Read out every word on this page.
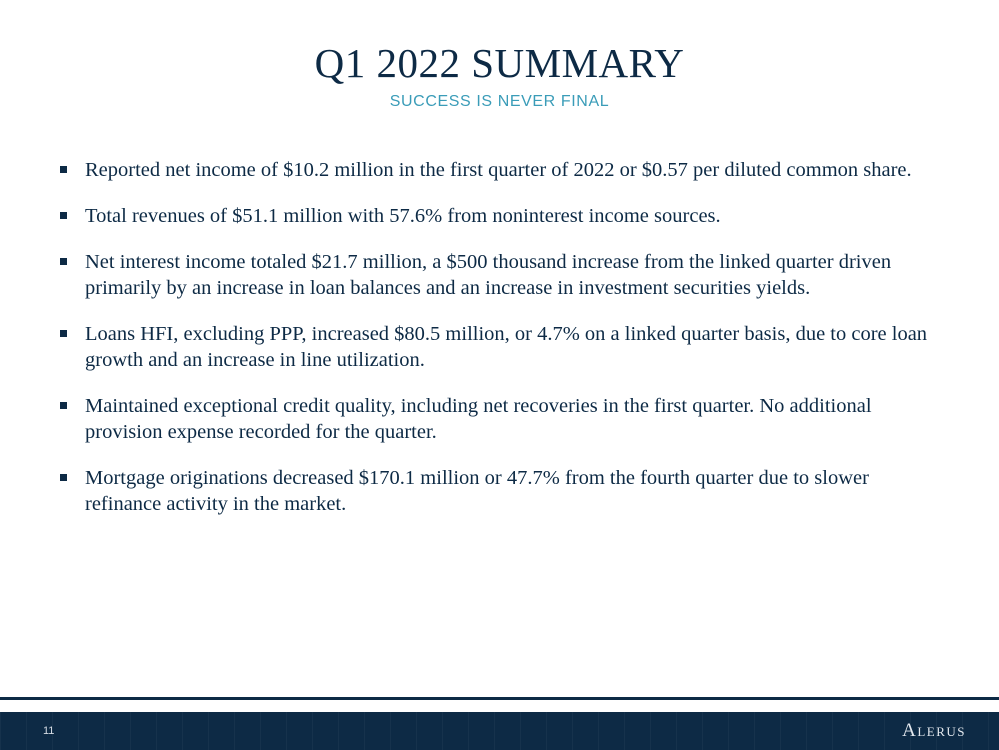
Q1 2022 SUMMARY
SUCCESS IS NEVER FINAL
Reported net income of $10.2 million in the first quarter of 2022 or $0.57 per diluted common share.
Total revenues of $51.1 million with 57.6% from noninterest income sources.
Net interest income totaled $21.7 million, a $500 thousand increase from the linked quarter driven primarily by an increase in loan balances and an increase in investment securities yields.
Loans HFI, excluding PPP, increased $80.5 million, or 4.7% on a linked quarter basis, due to core loan growth and an increase in line utilization.
Maintained exceptional credit quality, including net recoveries in the first quarter. No additional provision expense recorded for the quarter.
Mortgage originations decreased $170.1 million or 47.7% from the fourth quarter due to slower refinance activity in the market.
11	Alerus
